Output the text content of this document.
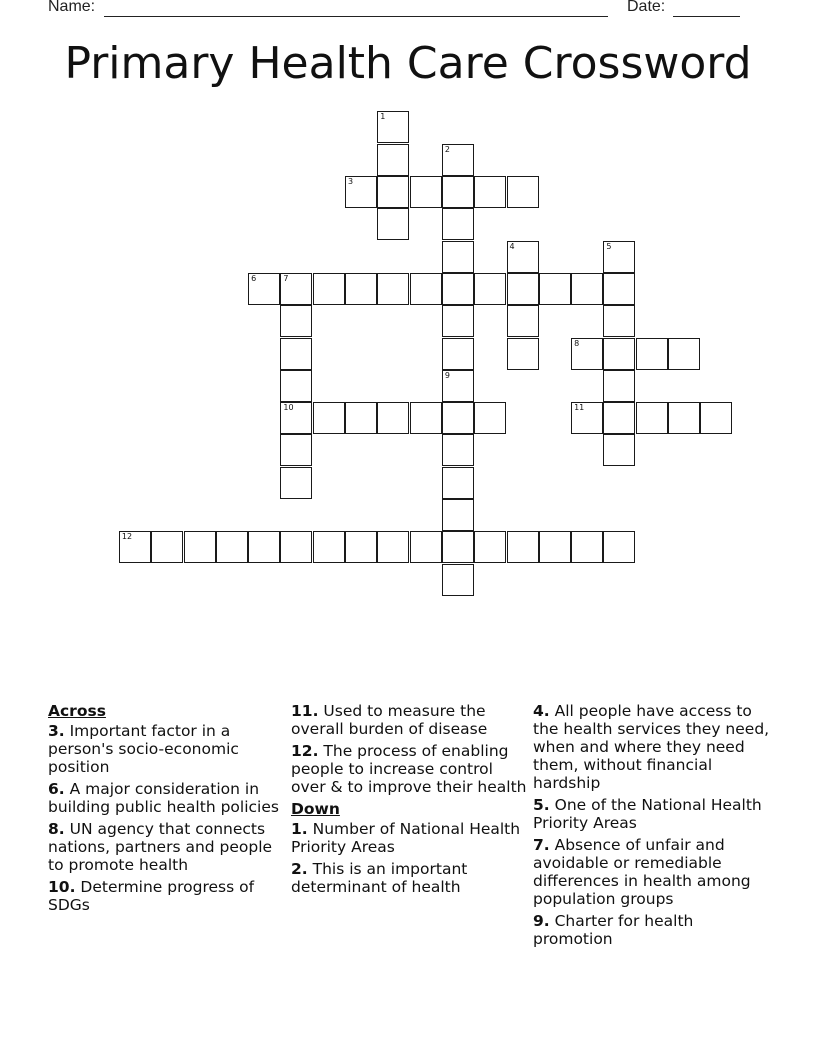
Name:	Date:
Primary Health Care Crossword
1
2
3
4	5
6	7
10
9
11
12
8
Across
3. Important factor in a person's socio-economic position
6. A major consideration in building public health policies
8. UN agency that connects nations, partners and people to promote health
10. Determine progress of SDGs
11. Used to measure the overall burden of disease
12. The process of enabling people to increase control over & to improve their health
Down
1. Number of National Health Priority Areas
2. This is an important determinant of health
4. All people have access to the health services they need, when and where they need them, without financial hardship
5. One of the National Health Priority Areas
7. Absence of unfair and avoidable or remediable differences in health among population groups
9. Charter for health promotion
